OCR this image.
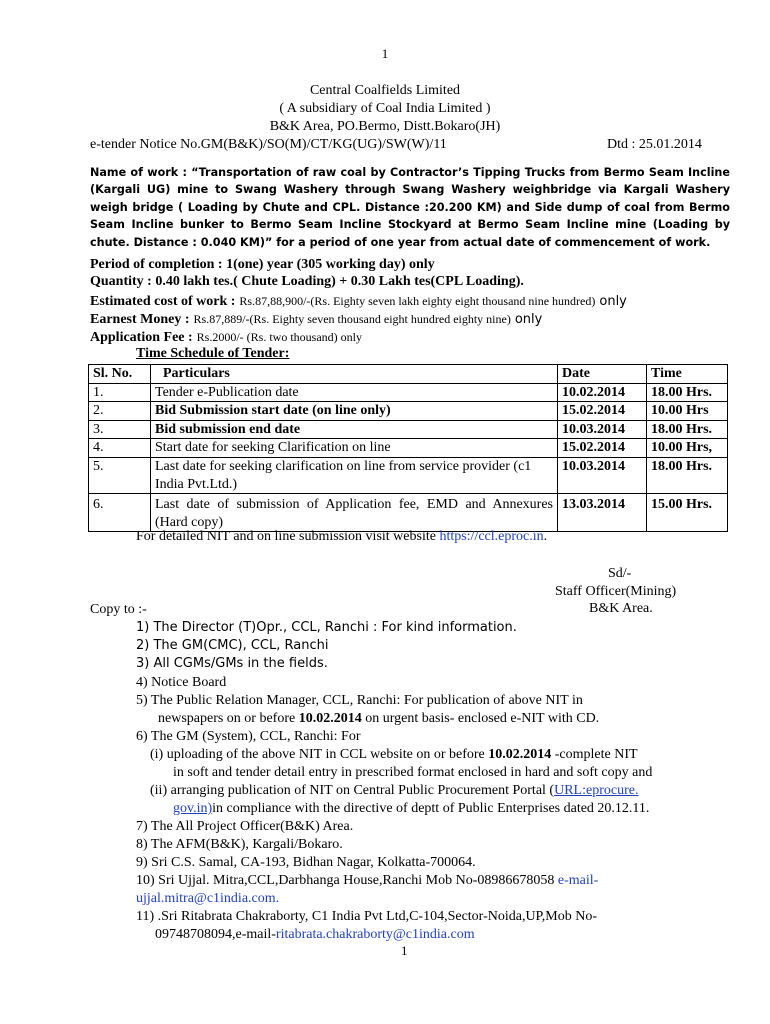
1
Central Coalfields Limited
( A subsidiary of Coal India Limited )
B&K Area, PO.Bermo, Distt.Bokaro(JH)
e-tender Notice No.GM(B&K)/SO(M)/CT/KG(UG)/SW(W)/11	Dtd : 25.01.2014
Name of work : “Transportation of raw coal by Contractor’s Tipping Trucks from Bermo Seam Incline (Kargali UG) mine to Swang Washery through Swang Washery weighbridge via Kargali Washery weigh bridge ( Loading by Chute and CPL. Distance :20.200 KM) and Side dump of coal from Bermo Seam Incline bunker to Bermo Seam Incline Stockyard at Bermo Seam Incline mine (Loading by chute. Distance : 0.040 KM)” for a period of one year from actual date of commencement of work.
Period of completion : 1(one) year (305 working day) only
Quantity : 0.40 lakh tes.( Chute Loading) + 0.30 Lakh tes(CPL Loading).
Estimated cost of work : Rs.87,88,900/-(Rs. Eighty seven lakh eighty eight thousand nine hundred) only
Earnest Money : Rs.87,889/-(Rs. Eighty seven thousand eight hundred eighty nine) only
Application Fee : Rs.2000/- (Rs. two thousand) only
Time Schedule of Tender:
Sl. No.	Particulars	Date	Time
1.	Tender e-Publication date	10.02.2014	18.00 Hrs.
2.	Bid Submission start date (on line only)	15.02.2014	10.00 Hrs
3.	Bid submission end date	10.03.2014	18.00 Hrs.
4.	Start date for seeking Clarification on line	15.02.2014	10.00 Hrs,
5.	Last date for seeking clarification on line from service provider (c1 India Pvt.Ltd.)	10.03.2014	18.00 Hrs.
6.	Last date of submission of Application fee, EMD and Annexures (Hard copy)	13.03.2014	15.00 Hrs.
For detailed NIT and on line submission visit website https://ccl.eproc.in.
Sd/-
Staff Officer(Mining)
B&K Area.
Copy to :-
1) The Director (T)Opr., CCL, Ranchi : For kind information.
2) The GM(CMC), CCL, Ranchi
3) All CGMs/GMs in the fields.
4) Notice Board
5) The Public Relation Manager, CCL, Ranchi: For publication of above NIT in
newspapers on or before 10.02.2014 on urgent basis- enclosed e-NIT with CD.
6) The GM (System), CCL, Ranchi: For
(i) uploading of the above NIT in CCL website on or before 10.02.2014 -complete NIT
in soft and tender detail entry in prescribed format enclosed in hard and soft copy and
(ii) arranging publication of NIT on Central Public Procurement Portal (URL:eprocure.
gov.in)in compliance with the directive of deptt of Public Enterprises dated 20.12.11.
7) The All Project Officer(B&K) Area.
8) The AFM(B&K), Kargali/Bokaro.
9) Sri C.S. Samal, CA-193, Bidhan Nagar, Kolkatta-700064.
10) Sri Ujjal. Mitra,CCL,Darbhanga House,Ranchi Mob No-08986678058 e-mail-
ujjal.mitra@c1india.com.
11) .Sri Ritabrata Chakraborty, C1 India Pvt Ltd,C-104,Sector-Noida,UP,Mob No-
09748708094,e-mail-ritabrata.chakraborty@c1india.com
1
